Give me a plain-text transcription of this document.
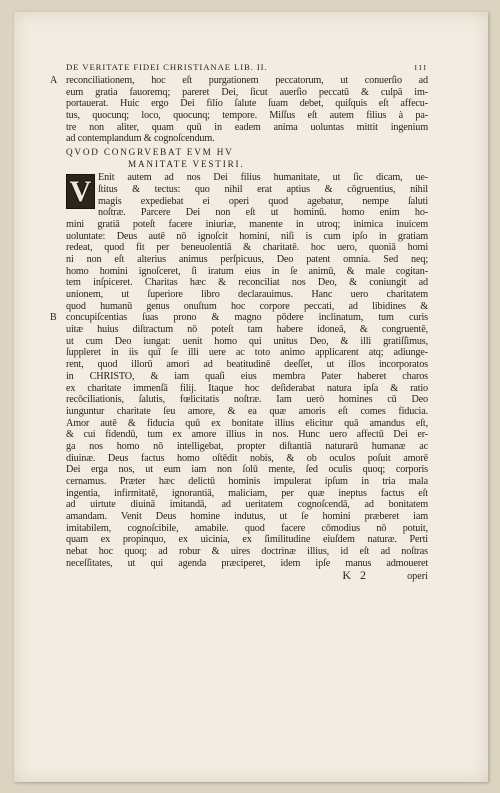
DE VERITATE FIDEI CHRISTIANAE LIB. II.	III
A reconciliationem, hoc eſt purgationem peccatorum, ut conuerſio ad
eum gratia fauoremq; pareret Dei, ſicut auerſio peccatū & culpā im-
portauerat. Huic ergo Dei filio ſalute ſuam debet, quiſquis eſt affecu-
tus, quocunq; loco, quocunq; tempore. Miſſus eſt autem filius à pa-
tre non aliter, quam quū in eadem anima uoluntas mittit ingenium
ad contemplandum & cognoſcendum.
QVOD CONGRVEBAT EVM HV
MANITATE VESTIRI.
V Enit autem ad nos Dei filius humanitate, ut ſic dicam, ue-
ſtitus & tectus: quo nihil erat aptius & cōgruentius, nihil
magis expediebat ei operi quod agebatur, nempe ſaluti
noſtræ. Parcere Dei non eſt ut hominū. homo enim ho-
mini gratiā poteſt facere iniuriæ, manente in utroq; inimica inuicem
uoluntate: Deus autē nō ignoſcit homini, niſi is cum ipſo in gratiam
redeat, quod fit per beneuolentiā & charitatē. hoc uero, quoniā homi
ni non eſt alterius animus perſpicuus, Deo patent omnia. Sed neq;
homo homini ignoſceret, ſi iratum eius in ſe animū, & male cogitan-
tem inſpiceret. Charitas hæc & reconciliat nos Deo, & coniungit ad
unionem, ut ſuperiore libro declarauimus. Hanc uero charitatem
quod humanū genus onuſtum hoc corpore peccati, ad libidines &
B concupiſcentias ſuas prono & magno pōdere inclinatum, tum curis
uitæ huius diſtractum nō poteſt tam habere idoneā, & congruentē,
ut cum Deo iungat: uenit homo qui unitus Deo, & illi gratiſſimus,
ſuppleret in iis quī ſe illi uere ac toto animo applicarent atq; adiunge-
rent, quod illorū amori ad beatitudinē deeſſet, ut illos incorporatos
in CHRISTO, & iam quaſi eius membra Pater haberet charos
ex charitate immenſā filij. Itaque hoc deſiderabat natura ipſa & ratio
recōciliationis, ſalutis, fœlicitatis noſtræ. Iam uerò homines cū Deo
iunguntur charitate ſeu amore, & ea quæ amoris eſt comes fiducia.
Amor autē & fiducia quū ex bonitate illius elicitur quā amandus eſt,
& cui fidendū, tum ex amore illius in nos. Hunc uero affectū Dei er-
ga nos homo nō intelligebat, propter diſtantiā naturarū humanæ ac
diuinæ. Deus factus homo oſtēdit nobis, & ob oculos poſuit amorē
Dei erga nos, ut eum iam non ſolū mente, ſed oculis quoq; corporis
cernamus. Præter hæc delictū hominis impulerat ipſum in tria mala
ingentia, infirmitatē, ignorantiā, maliciam, per quæ ineptus factus eſt
ad uirtute diuinā imitandā, ad ueritatem cognoſcendā, ad bonitatem
amandam. Venit Deus homine indutus, ut ſe homini præberet iam
imitabilem, cognoſcibile, amabile. quod facere cōmodius nō potuit,
quam ex propinquo, ex uicinia, ex ſimilitudine eiuſdem naturæ. Perti
nebat hoc quoq; ad robur & uires doctrinæ illius, id eſt ad noſtras
neceſſitates, ut qui agenda præciperet, idem ipſe manus admoueret
K 2	operi
